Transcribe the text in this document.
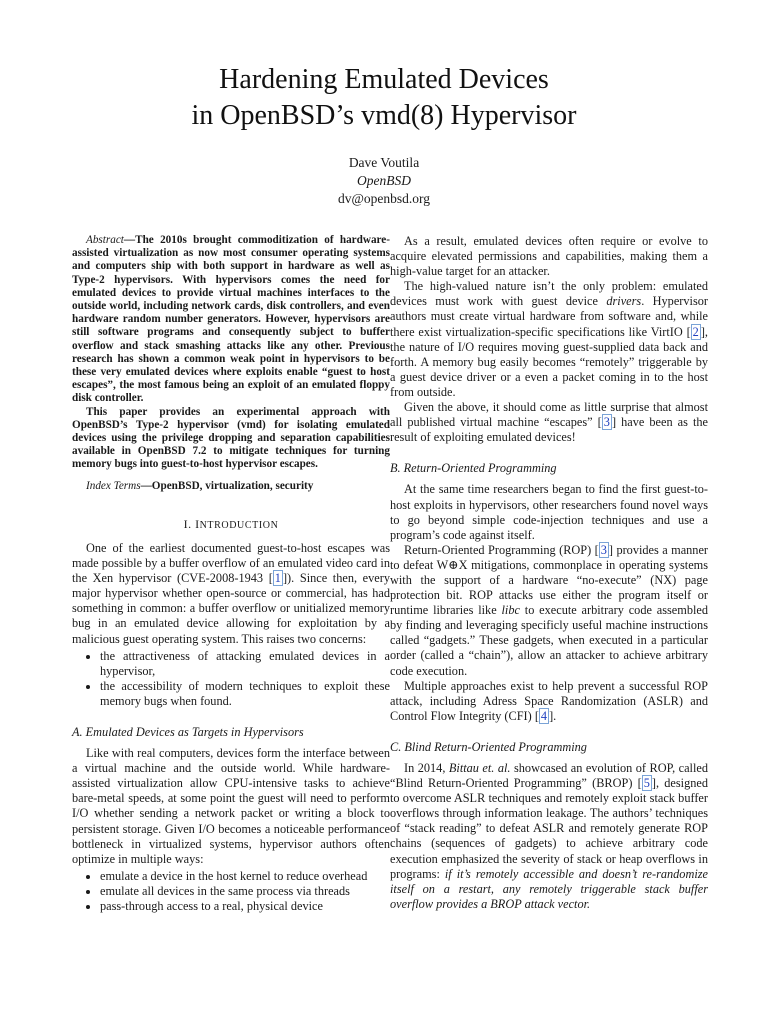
Hardening Emulated Devices
in OpenBSD’s vmd(8) Hypervisor
Dave Voutila
OpenBSD
dv@openbsd.org

Abstract—The 2010s brought commoditization of hardware-assisted virtualization as now most consumer operating systems and computers ship with both support in hardware as well as Type-2 hypervisors. With hypervisors comes the need for emulated devices to provide virtual machines interfaces to the outside world, including network cards, disk controllers, and even hardware random number generators. However, hypervisors are still software programs and consequently subject to buffer overflow and stack smashing attacks like any other. Previous research has shown a common weak point in hypervisors to be these very emulated devices where exploits enable “guest to host escapes”, the most famous being an exploit of an emulated floppy disk controller.

This paper provides an experimental approach with OpenBSD’s Type-2 hypervisor (vmd) for isolating emulated devices using the privilege dropping and separation capabilities available in OpenBSD 7.2 to mitigate techniques for turning memory bugs into guest-to-host hypervisor escapes.

Index Terms—OpenBSD, virtualization, security
I. INTRODUCTION

One of the earliest documented guest-to-host escapes was made possible by a buffer overflow of an emulated video card in the Xen hypervisor (CVE-2008-1943 [ 1 ]). Since then, every major hypervisor whether open-source or commercial, has had something in common: a buffer overflow or unitialized memory bug in an emulated device allowing for exploitation by a malicious guest operating system. This raises two concerns:

• the attractiveness of attacking emulated devices in a hypervisor,
• the accessibility of modern techniques to exploit these memory bugs when found.
A. Emulated Devices as Targets in Hypervisors

Like with real computers, devices form the interface between a virtual machine and the outside world. While hardware-assisted virtualization allow CPU-intensive tasks to achieve bare-metal speeds, at some point the guest will need to perform I/O whether sending a network packet or writing a block to persistent storage. Given I/O becomes a noticeable performance bottleneck in virtualized systems, hypervisor authors often optimize in multiple ways:

• emulate a device in the host kernel to reduce overhead
• emulate all devices in the same process via threads
• pass-through access to a real, physical device

As a result, emulated devices often require or evolve to acquire elevated permissions and capabilities, making them a high-value target for an attacker.

The high-valued nature isn’t the only problem: emulated devices must work with guest device drivers. Hypervisor authors must create virtual hardware from software and, while there exist virtualization-specific specifications like VirtIO [ 2 ], the nature of I/O requires moving guest-supplied data back and forth. A memory bug easily becomes “remotely” triggerable by a guest device driver or a even a packet coming in to the host from outside.

Given the above, it should come as little surprise that almost all published virtual machine “escapes” [ 3 ] have been as the result of exploiting emulated devices!

B. Return-Oriented Programming

At the same time researchers began to find the first guest-to-host exploits in hypervisors, other researchers found novel ways to go beyond simple code-injection techniques and use a program’s code against itself.

Return-Oriented Programming (ROP) [ 3 ] provides a manner to defeat W⊕X mitigations, commonplace in operating systems with the support of a hardware “no-execute” (NX) page protection bit. ROP attacks use either the program itself or runtime libraries like libc to execute arbitrary code assembled by finding and leveraging specificly useful machine instructions called “gadgets.” These gadgets, when executed in a particular order (called a “chain”), allow an attacker to achieve arbitrary code execution.

Multiple approaches exist to help prevent a successful ROP attack, including Adress Space Randomization (ASLR) and Control Flow Integrity (CFI) [ 4 ].

C. Blind Return-Oriented Programming

In 2014, Bittau et. al. showcased an evolution of ROP, called “Blind Return-Oriented Programming” (BROP) [ 5 ], designed to overcome ASLR techniques and remotely exploit stack buffer overflows through information leakage. The authors’ techniques of “stack reading” to defeat ASLR and remotely generate ROP chains (sequences of gadgets) to achieve arbitrary code execution emphasized the severity of stack or heap overflows in programs: if it’s remotely accessible and doesn’t re-randomize itself on a restart, any remotely triggerable stack buffer overflow provides a BROP attack vector.
